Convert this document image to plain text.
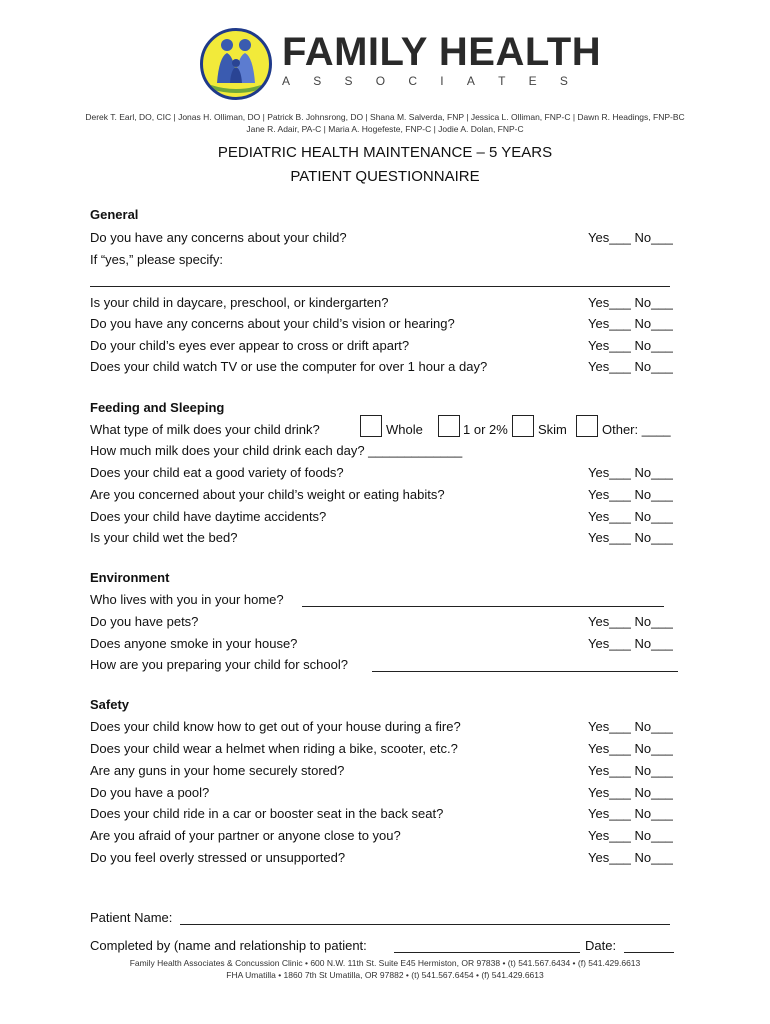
FAMILY HEALTH
A S S O C I A T E S
Derek T. Earl, DO, CIC | Jonas H. Olliman, DO | Patrick B. Johnsrong, DO | Shana M. Salverda, FNP | Jessica L. Olliman, FNP-C | Dawn R. Headings, FNP-BC
Jane R. Adair, PA-C | Maria A. Hogefeste, FNP-C | Jodie A. Dolan, FNP-C
PEDIATRIC HEALTH MAINTENANCE – 5 YEARS
PATIENT QUESTIONNAIRE
General
Do you have any concerns about your child?	Yes___ No___
If “yes,” please specify:
Is your child in daycare, preschool, or kindergarten?	Yes___ No___
Do you have any concerns about your child’s vision or hearing?	Yes___ No___
Do your child’s eyes ever appear to cross or drift apart?	Yes___ No___
Does your child watch TV or use the computer for over 1 hour a day?	Yes___ No___
Feeding and Sleeping
What type of milk does your child drink?	Whole	1 or 2% Skim	Other: ____
How much milk does your child drink each day? _____________
Does your child eat a good variety of foods?	Yes___ No___
Are you concerned about your child’s weight or eating habits?	Yes___ No___
Does your child have daytime accidents?	Yes___ No___
Is your child wet the bed?	Yes___ No___
Environment
Who lives with you in your home?
Do you have pets?	Yes___ No___
Does anyone smoke in your house?	Yes___ No___
How are you preparing your child for school?
Safety
Does your child know how to get out of your house during a fire?	Yes___ No___
Does your child wear a helmet when riding a bike, scooter, etc.?	Yes___ No___
Are any guns in your home securely stored?	Yes___ No___
Do you have a pool?	Yes___ No___
Does your child ride in a car or booster seat in the back seat?	Yes___ No___
Are you afraid of your partner or anyone close to you?	Yes___ No___
Do you feel overly stressed or unsupported?	Yes___ No___
Patient Name:
Completed by (name and relationship to patient:	Date:
Family Health Associates & Concussion Clinic • 600 N.W. 11th St. Suite E45 Hermiston, OR 97838 • (t) 541.567.6434 • (f) 541.429.6613
FHA Umatilla • 1860 7th St Umatilla, OR 97882 • (t) 541.567.6454 • (f) 541.429.6613
